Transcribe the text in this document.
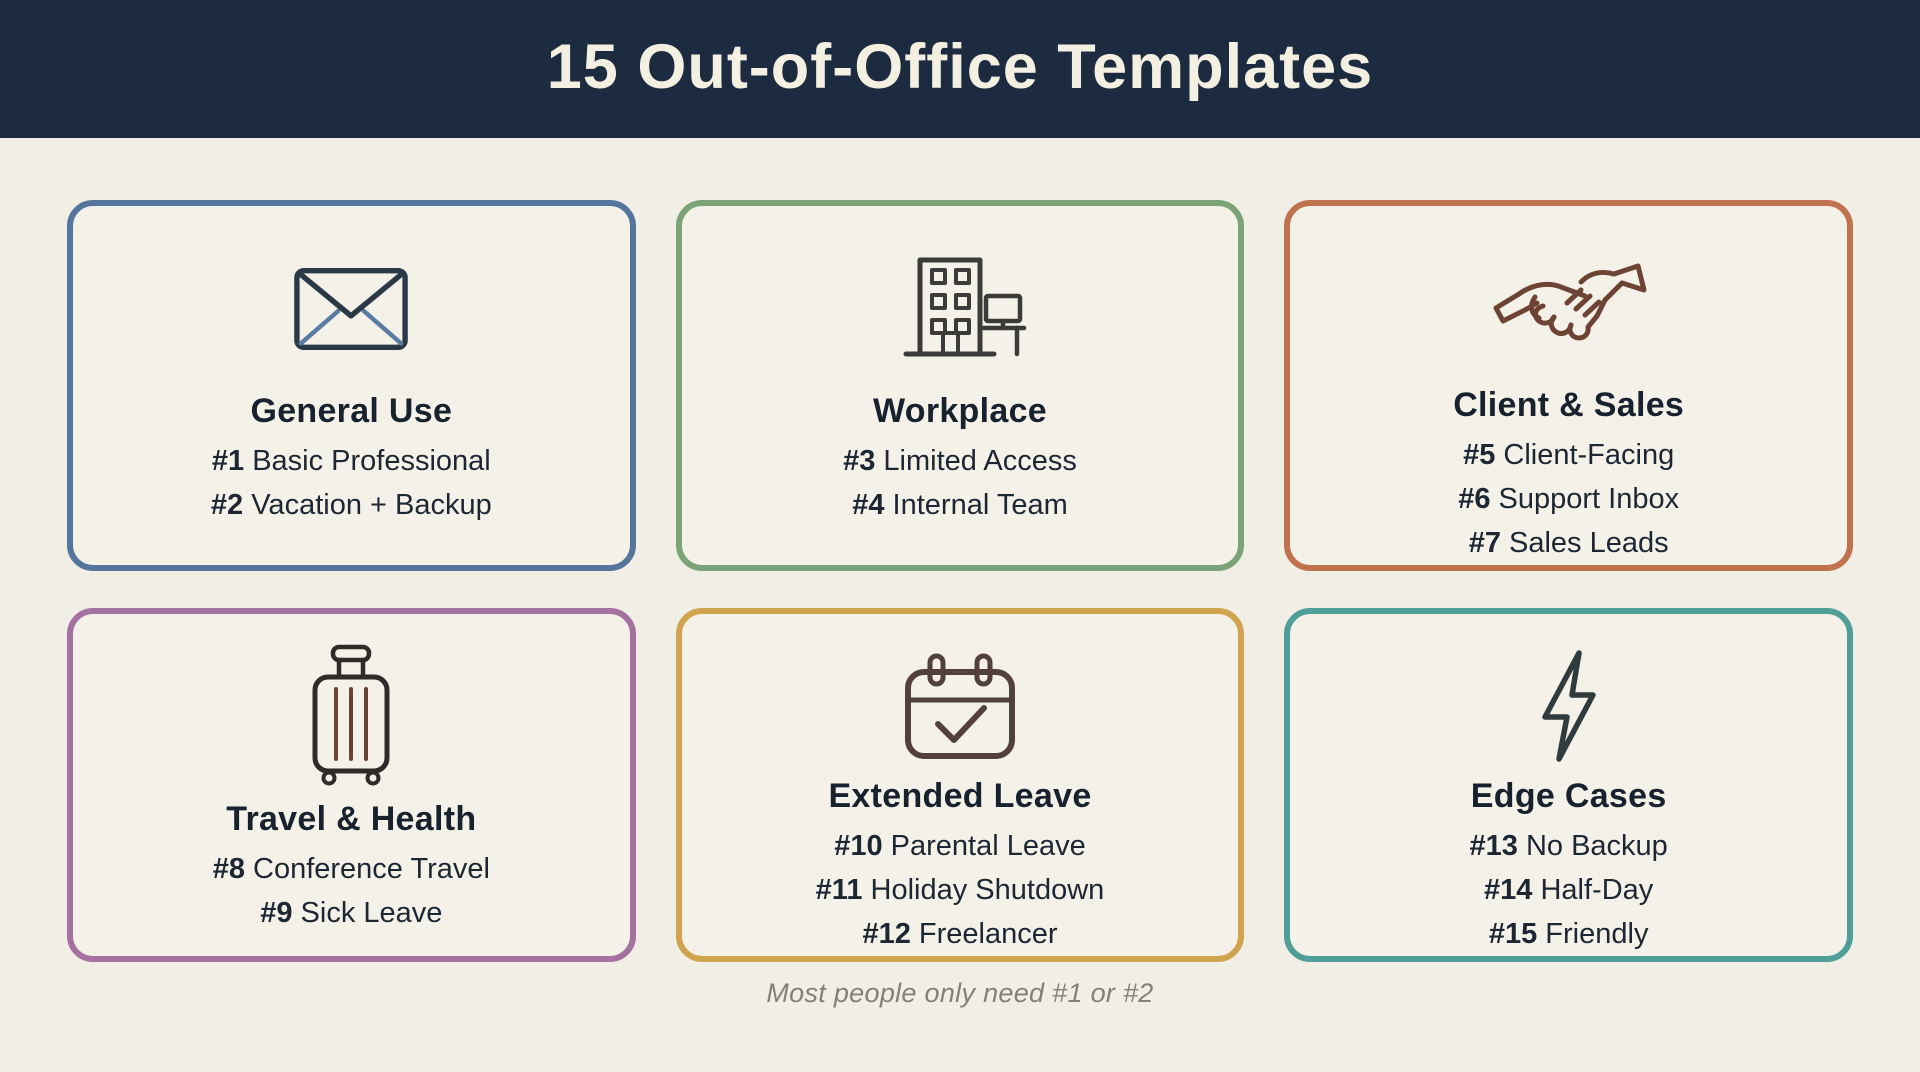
15 Out-of-Office Templates
General Use
#1 Basic Professional
#2 Vacation + Backup
Workplace
#3 Limited Access
#4 Internal Team
Client & Sales
#5 Client-Facing
#6 Support Inbox
#7 Sales Leads
Travel & Health
#8 Conference Travel
#9 Sick Leave
Extended Leave
#10 Parental Leave
#11 Holiday Shutdown
#12 Freelancer
Edge Cases
#13 No Backup
#14 Half-Day
#15 Friendly
Most people only need #1 or #2
